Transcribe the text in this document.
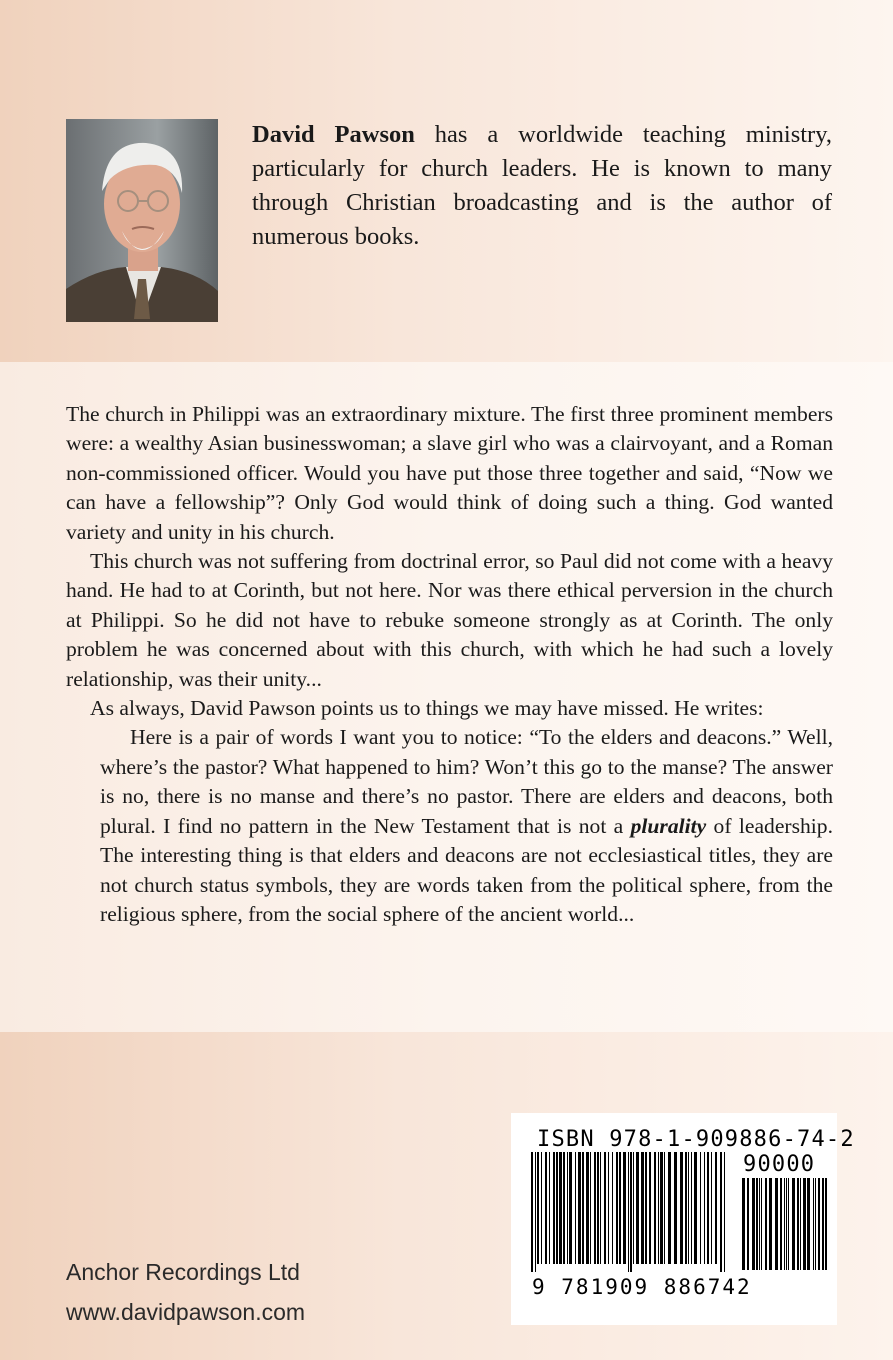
David Pawson has a worldwide teaching ministry, particularly for church leaders. He is known to many through Christian broadcasting and is the author of numerous books.

The church in Philippi was an extraordinary mixture. The first three prominent members were: a wealthy Asian businesswoman; a slave girl who was a clairvoyant, and a Roman non-commissioned officer. Would you have put those three together and said, “Now we can have a fellowship”? Only God would think of doing such a thing. God wanted variety and unity in his church.

This church was not suffering from doctrinal error, so Paul did not come with a heavy hand. He had to at Corinth, but not here. Nor was there ethical perversion in the church at Philippi. So he did not have to rebuke someone strongly as at Corinth. The only problem he was concerned about with this church, with which he had such a lovely relationship, was their unity...

As always, David Pawson points us to things we may have missed. He writes:

Here is a pair of words I want you to notice: “To the elders and deacons.” Well, where’s the pastor? What happened to him? Won’t this go to the manse? The answer is no, there is no manse and there’s no pastor. There are elders and deacons, both plural. I find no pattern in the New Testament that is not a plurality of leadership. The interesting thing is that elders and deacons are not ecclesiastical titles, they are not church status symbols, they are words taken from the political sphere, from the religious sphere, from the social sphere of the ancient world...

Anchor Recordings Ltd
www.davidpawson.com
ISBN 978-1-909886-74-2
90000
9 781909 886742
